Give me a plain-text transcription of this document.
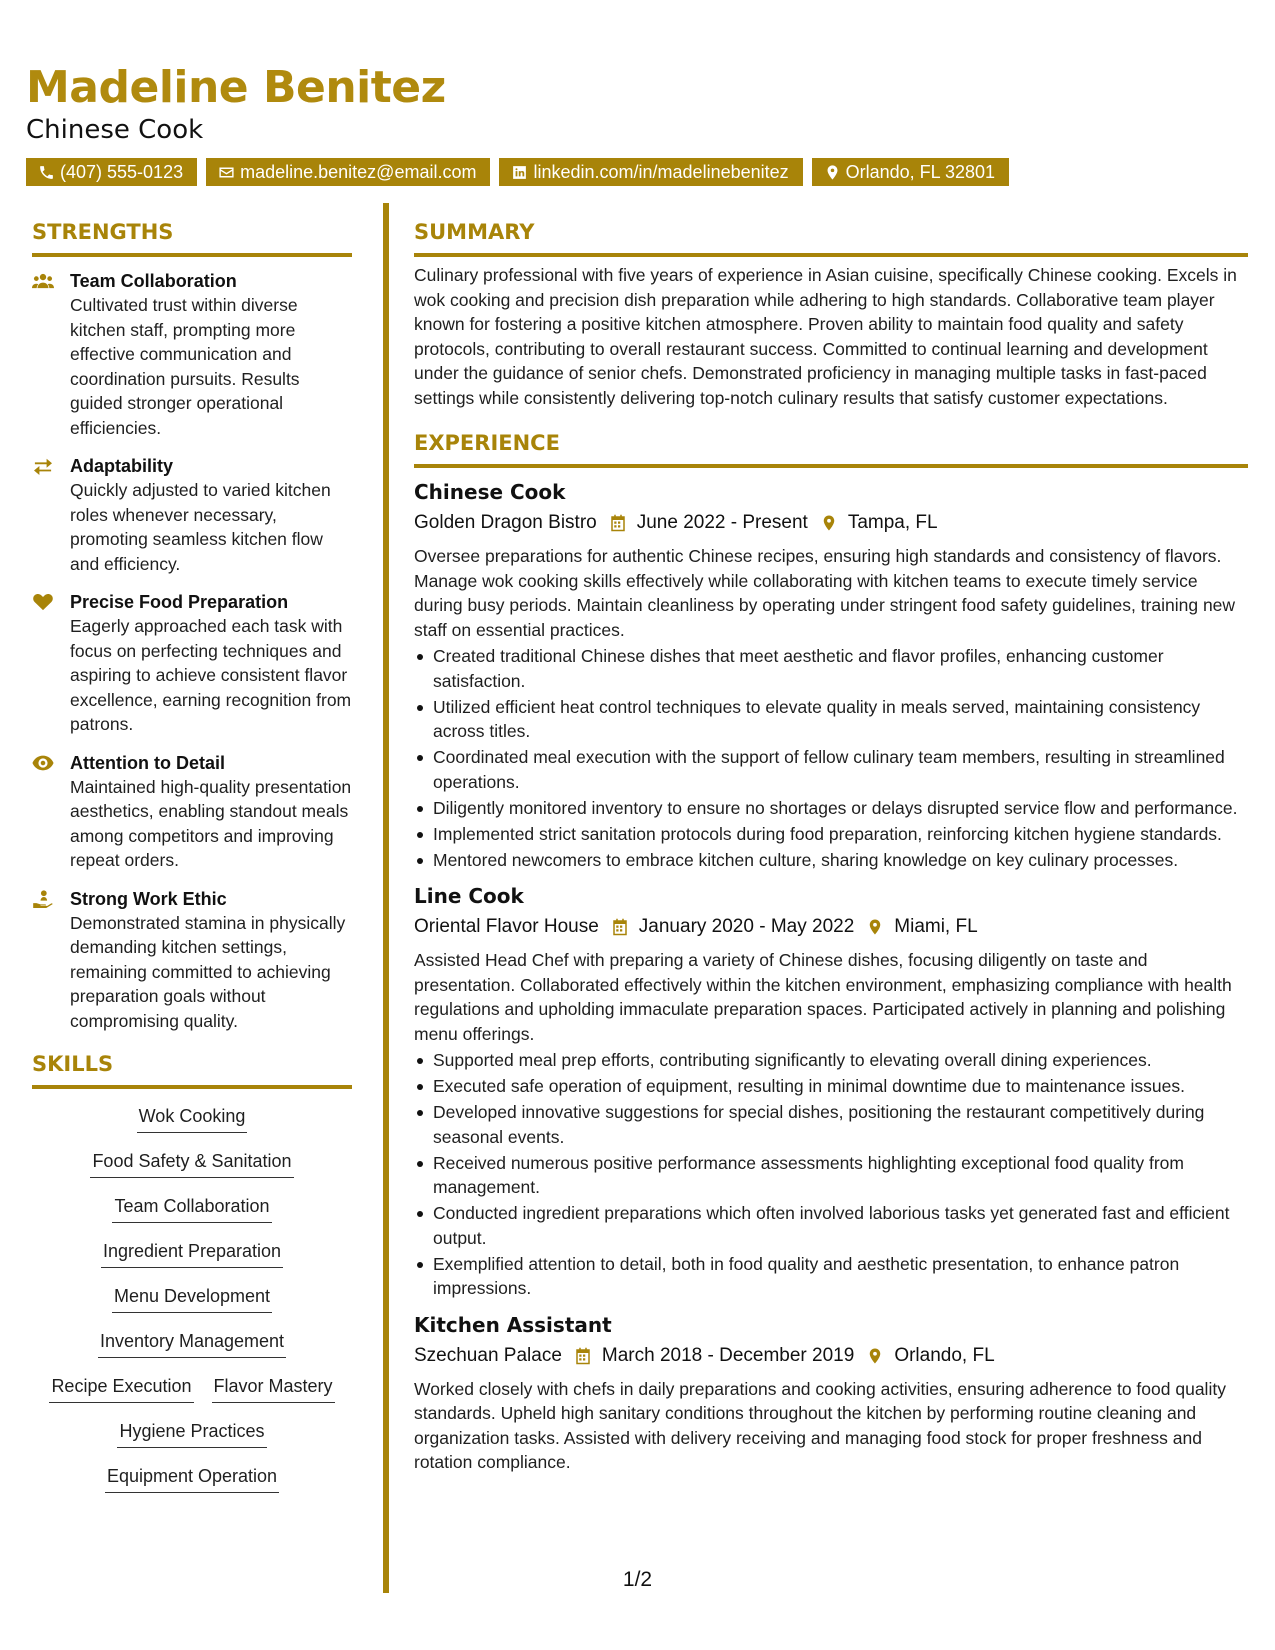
Madeline Benitez
Chinese Cook
(407) 555-0123	madeline.benitez@email.com	linkedin.com/in/madelinebenitez	Orlando, FL 32801
STRENGTHS
Team Collaboration
Cultivated trust within diverse kitchen staff, prompting more effective communication and coordination pursuits. Results guided stronger operational efficiencies.
Adaptability
Quickly adjusted to varied kitchen roles whenever necessary, promoting seamless kitchen flow and efficiency.
Precise Food Preparation
Eagerly approached each task with focus on perfecting techniques and aspiring to achieve consistent flavor excellence, earning recognition from patrons.
Attention to Detail
Maintained high-quality presentation aesthetics, enabling standout meals among competitors and improving repeat orders.
Strong Work Ethic
Demonstrated stamina in physically demanding kitchen settings, remaining committed to achieving preparation goals without compromising quality.
SKILLS
Wok Cooking
Food Safety & Sanitation
Team Collaboration
Ingredient Preparation
Menu Development
Inventory Management
Recipe Execution Flavor Mastery
Hygiene Practices
Equipment Operation
SUMMARY
Culinary professional with five years of experience in Asian cuisine, specifically Chinese cooking. Excels in wok cooking and precision dish preparation while adhering to high standards. Collaborative team player known for fostering a positive kitchen atmosphere. Proven ability to maintain food quality and safety protocols, contributing to overall restaurant success. Committed to continual learning and development under the guidance of senior chefs. Demonstrated proficiency in managing multiple tasks in fast-paced settings while consistently delivering top-notch culinary results that satisfy customer expectations.
EXPERIENCE
Chinese Cook
Golden Dragon Bistro June 2022 - Present Tampa, FL
Oversee preparations for authentic Chinese recipes, ensuring high standards and consistency of flavors. Manage wok cooking skills effectively while collaborating with kitchen teams to execute timely service during busy periods. Maintain cleanliness by operating under stringent food safety guidelines, training new staff on essential practices.
Created traditional Chinese dishes that meet aesthetic and flavor profiles, enhancing customer satisfaction.
Utilized efficient heat control techniques to elevate quality in meals served, maintaining consistency across titles.
Coordinated meal execution with the support of fellow culinary team members, resulting in streamlined operations.
Diligently monitored inventory to ensure no shortages or delays disrupted service flow and performance.
Implemented strict sanitation protocols during food preparation, reinforcing kitchen hygiene standards.
Mentored newcomers to embrace kitchen culture, sharing knowledge on key culinary processes.
Line Cook
Oriental Flavor House January 2020 - May 2022 Miami, FL
Assisted Head Chef with preparing a variety of Chinese dishes, focusing diligently on taste and presentation. Collaborated effectively within the kitchen environment, emphasizing compliance with health regulations and upholding immaculate preparation spaces. Participated actively in planning and polishing menu offerings.
Supported meal prep efforts, contributing significantly to elevating overall dining experiences.
Executed safe operation of equipment, resulting in minimal downtime due to maintenance issues.
Developed innovative suggestions for special dishes, positioning the restaurant competitively during seasonal events.
Received numerous positive performance assessments highlighting exceptional food quality from management.
Conducted ingredient preparations which often involved laborious tasks yet generated fast and efficient output.
Exemplified attention to detail, both in food quality and aesthetic presentation, to enhance patron impressions.
Kitchen Assistant
Szechuan Palace March 2018 - December 2019 Orlando, FL
Worked closely with chefs in daily preparations and cooking activities, ensuring adherence to food quality standards. Upheld high sanitary conditions throughout the kitchen by performing routine cleaning and organization tasks. Assisted with delivery receiving and managing food stock for proper freshness and rotation compliance.
1/2
